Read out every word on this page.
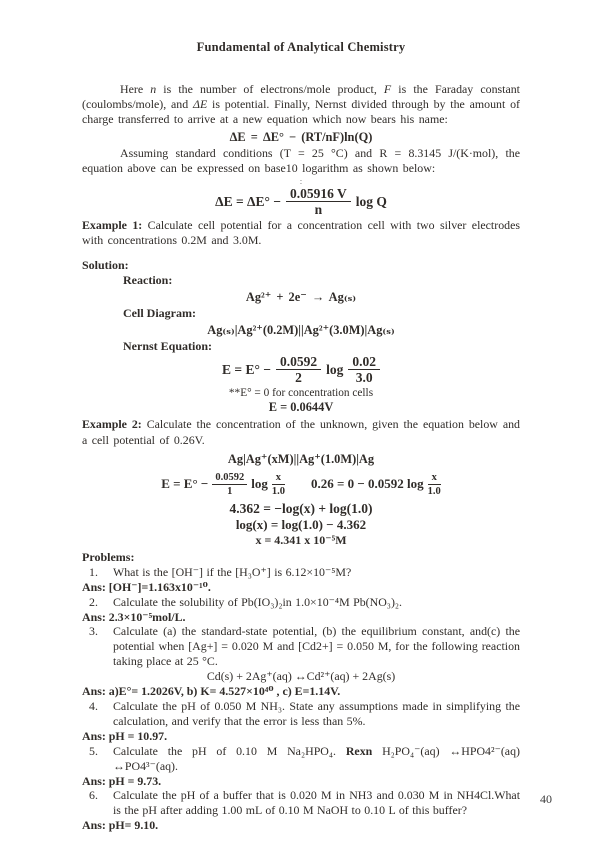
Fundamental of Analytical Chemistry

Here n is the number of electrons/mole product, F is the Faraday constant (coulombs/mole), and ΔE is potential. Finally, Nernst divided through by the amount of charge transferred to arrive at a new equation which now bears his name:

ΔE = ΔE° − (RT/nF)ln(Q)

Assuming standard conditions (T = 25 °C) and R = 8.3145 J/(K·mol), the equation above can be expressed on base10 logarithm as shown below:

:
$\Delta E = \Delta E^\circ - \frac{0.05916 V}{n}$ log Q

Example 1: Calculate cell potential for a concentration cell with two silver electrodes with concentrations 0.2M and 3.0M.

Solution:
Reaction:
Ag²⁺ + 2e⁻ → Ag₍ₛ₎
Cell Diagram:
Ag₍ₛ₎|Ag²⁺(0.2M)||Ag²⁺(3.0M)|Ag₍ₛ₎
Nernst Equation:
$E = E^\circ - \frac{0.0592}{2}$ $\log \frac{0.02}{3.0}$
**E° = 0 for concentration cells
E = 0.0644V

Example 2: Calculate the concentration of the unknown, given the equation below and a cell potential of 0.26V.

Ag|Ag⁺(xM)||Ag⁺(1.0M)|Ag
$E = E^\circ - \frac{0.0592}{1}$ $\log \frac{x}{1.0} 0.26 = 0 - 0.0592$ $\log \frac{x}{1.0}$
4.362 = −log(x) + log(1.0)
log(x) = log(1.0) − 4.362
x = 4.341 x 10⁻⁵M
Problems:
1.	What is the [OH⁻] if the [H₃O⁺] is 6.12×10⁻⁵M?
Ans: [OH⁻]=1.163x10⁻¹⁰.
2.	Calculate the solubility of Pb(IO₃)₂in 1.0×10⁻⁴M Pb(NO₃)₂.
Ans: 2.3×10⁻⁵mol/L.
3.	Calculate (a) the standard-state potential, (b) the equilibrium constant, and(c) the potential when [Ag+] = 0.020 M and [Cd2+] = 0.050 M, for the following reaction taking place at 25 °C.
Cd(s) + 2Ag⁺(aq) ↔Cd²⁺(aq) + 2Ag(s)
Ans: a)E°= 1.2026V, b) K= 4.527×10⁴⁰ , c) E=1.14V.
4.	Calculate the pH of 0.050 M NH₃. State any assumptions made in simplifying the calculation, and verify that the error is less than 5%.
Ans: pH = 10.97.
5.	Calculate the pH of 0.10 M Na₂HPO₄. Rexn H₂PO₄⁻(aq) ↔HPO4²⁻(aq) ↔PO4³⁻(aq).
Ans: pH = 9.73.
6.	Calculate the pH of a buffer that is 0.020 M in NH3 and 0.030 M in NH4Cl.What is the pH after adding 1.00 mL of 0.10 M NaOH to 0.10 L of this buffer?
Ans: pH= 9.10.
40
